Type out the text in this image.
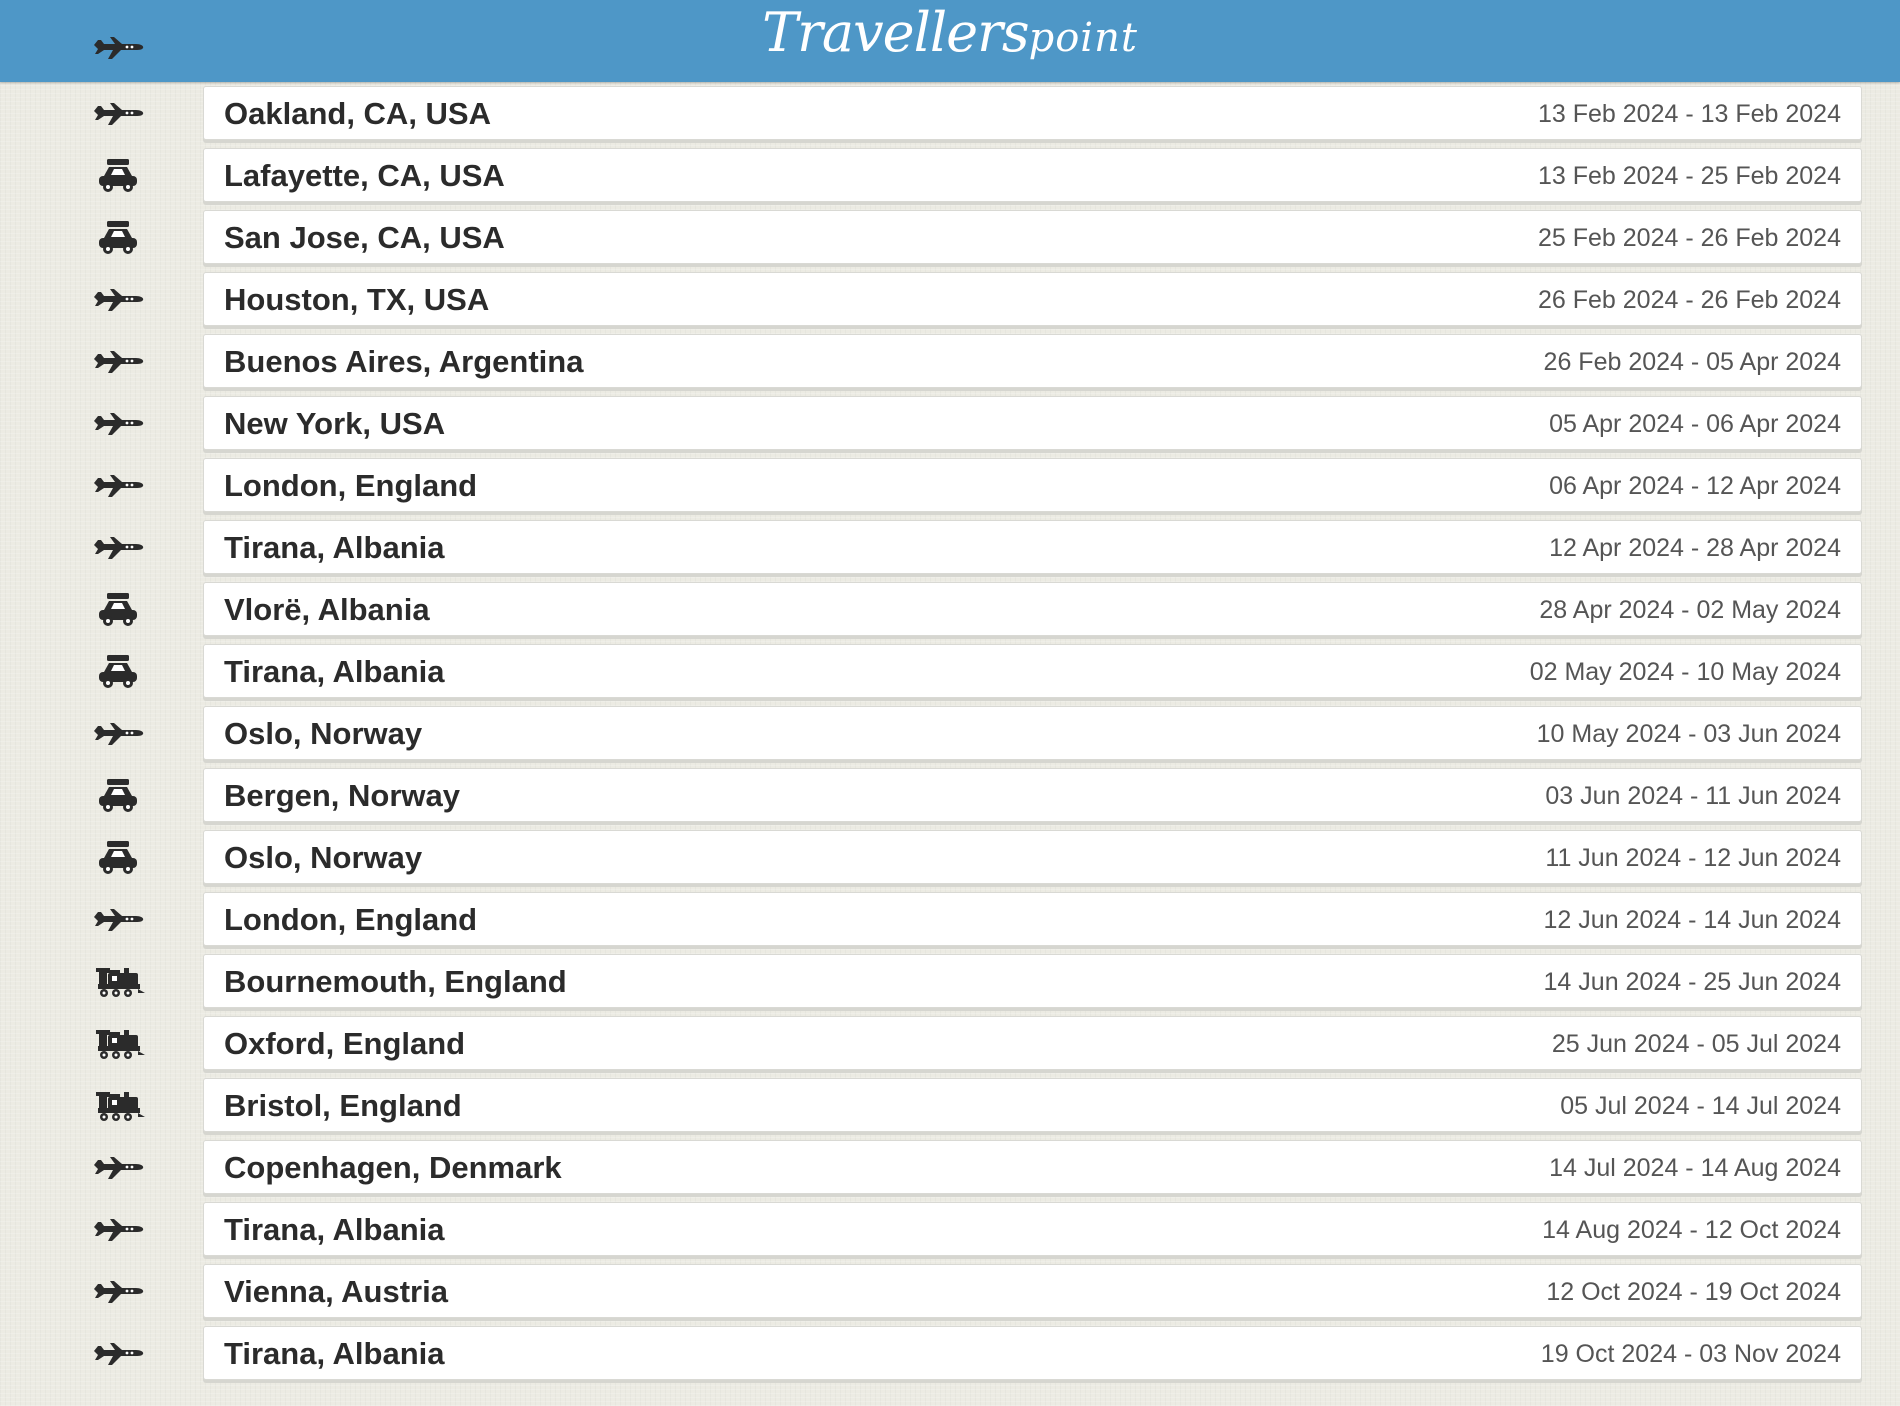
Travellerspoint
Oakland, CA, USA	13 Feb 2024 - 13 Feb 2024
Lafayette, CA, USA	13 Feb 2024 - 25 Feb 2024
San Jose, CA, USA	25 Feb 2024 - 26 Feb 2024
Houston, TX, USA	26 Feb 2024 - 26 Feb 2024
Buenos Aires, Argentina	26 Feb 2024 - 05 Apr 2024
New York, USA	05 Apr 2024 - 06 Apr 2024
London, England	06 Apr 2024 - 12 Apr 2024
Tirana, Albania	12 Apr 2024 - 28 Apr 2024
Vlorë, Albania	28 Apr 2024 - 02 May 2024
Tirana, Albania	02 May 2024 - 10 May 2024
Oslo, Norway	10 May 2024 - 03 Jun 2024
Bergen, Norway	03 Jun 2024 - 11 Jun 2024
Oslo, Norway	11 Jun 2024 - 12 Jun 2024
London, England	12 Jun 2024 - 14 Jun 2024
Bournemouth, England	14 Jun 2024 - 25 Jun 2024
Oxford, England	25 Jun 2024 - 05 Jul 2024
Bristol, England	05 Jul 2024 - 14 Jul 2024
Copenhagen, Denmark	14 Jul 2024 - 14 Aug 2024
Tirana, Albania	14 Aug 2024 - 12 Oct 2024
Vienna, Austria	12 Oct 2024 - 19 Oct 2024
Tirana, Albania	19 Oct 2024 - 03 Nov 2024
